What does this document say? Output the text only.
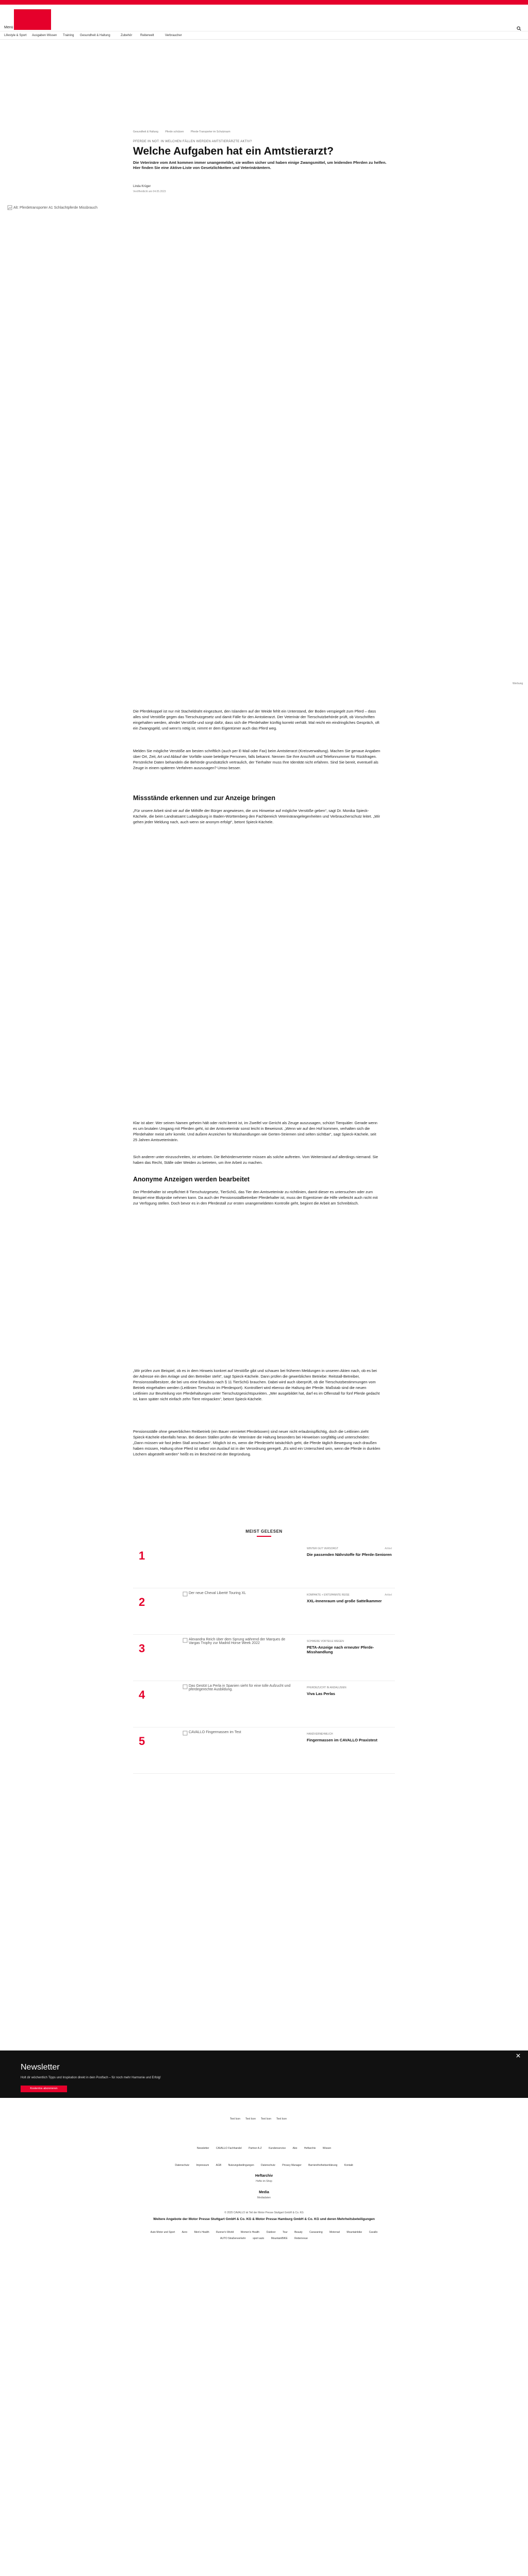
Menü
Lifestyle & Sport Ausgaben Wissen Training Gesundheit & Haltung	Zubehör	Reiterwelt	Verbraucher
Gesundheit & Haltung	Pferde schützen	Pferde-Transporter im Schutzraum
PFERDE IN NOT: IN WELCHEN FÄLLEN WERDEN AMTSTIERÄRZTE AKTIV?
Welche Aufgaben hat ein Amtstierarzt?

Die Veterinäre vom Amt kommen immer unangemeldet, sie wollen sicher und haben einige Zwangsmittel, um leidenden Pferden zu helfen. Hier finden Sie eine Aktive-Liste von Gesetzlichkeiten und Veterinärämtern.

Linda Krüger
Veröffentlicht am 04.05.2023
Alt: Pferdetransporter A1 Schlachtpferde Missbrauch
Werbung

Die Pferdekoppel ist nur mit Stacheldraht eingezäunt, den Islandern auf der Weide fehlt ein Unterstand, der Boden verspiegelt zum Pferd – dass alles sind Verstöße gegen das Tierschutzgesetz und damit Fälle für den Amtstierarzt. Der Veterinär der Tierschutzbehörde prüft, ob Vorschriften eingehalten werden, ahndet Verstöße und sorgt dafür, dass sich die Pferdehalter künftig korrekt verhält. Mal reicht ein eindringliches Gespräch, oft ein Zwangsgeld, und wenn's nötig ist, nimmt er dem Eigentümer auch das Pferd weg.

Melden Sie mögliche Verstöße am besten schriftlich (auch per E-Mail oder Fax) beim Amtstierarzt (Kreisverwaltung). Machen Sie genaue Angaben über Ort, Zeit, Art und Ablauf der Vorfälle sowie beteiligte Personen, falls bekannt. Nennen Sie Ihre Anschrift und Telefonnummer für Rückfragen. Persönliche Daten behandeln die Behörde grundsätzlich vertraulich, der Tierhalter muss Ihre Identität nicht erfahren. Sind Sie bereit, eventuell als Zeuge in einem späteren Verfahren auszusagen? Umso besser.

Missstände erkennen und zur Anzeige bringen

„Für unsere Arbeit sind wir auf die Mithilfe der Bürger angewiesen, die uns Hinweise auf mögliche Verstöße geben“, sagt Dr. Monika Spieck-Kächele, die beim Landratsamt Ludwigsburg in Baden-Württemberg den Fachbereich Veterinärangelegenheiten und Verbraucherschutz leitet. „Wir gehen jeder Meldung nach, auch wenn sie anonym erfolgt“, betont Spieck-Kächele.

Klar ist aber: Wer seinen Namen geheim hält oder nicht bereit ist, im Zweifel vor Gericht als Zeuge auszusagen, schützt Tierquäler. Gerade wenn es um brutalen Umgang mit Pferden geht, ist der Amtsveterinär sonst leicht in Beweisnot. „Wenn wir auf den Hof kommen, verhalten sich die Pferdehalter meist sehr korrekt. Und äußere Anzeichen für Misshandlungen wie Gerten-Striemen sind selten sichtbar“, sagt Spieck-Kächele, seit 25 Jahren Amtsveterinärin.

Sich anderer unter einzuschreiten, ist verboten. Die Behördenvertreter müssen als solche auftreten. Vom Weiterstand auf allerdings niemand. Sie haben das Recht, Ställe oder Weiden zu betreten, um ihre Arbeit zu machen.

Anonyme Anzeigen werden bearbeitet

Der Pferdehalter ist verpflichtet 8 Tierschutzgesetz, TierSchG, das Tier den Amtsveterinär zu richtlinien, damit dieser es untersuchen oder zum Beispiel eine Blutprobe nehmen kann. Da auch der Pensionsstallbetreiber Pferdehalter ist, muss der Eigentümer die Hilfe vielleicht auch nicht mit zur Verfügung stellen. Doch bevor es in den Pferdestall zur ersten unangemeldeten Kontrolle geht, beginnt die Arbeit am Schreibtisch.

„Wir prüfen zum Beispiel, ob es in dem Hinweis konkret auf Verstöße gibt und schauen bei früheren Meldungen in unseren Akten nach, ob es bei der Adresse ein den Anlage und den Betreiber steht“, sagt Spieck-Kächele. Dann prüfen die gewerblichen Betriebe: Reitstall-Betreiber, Pensionsstallbesitzer, die bei uns eine Erlaubnis nach § 11 TierSchG brauchen. Dabei wird auch überprüft, ob die Tierschutzbestimmungen vom Betrieb eingehalten werden (Leitlinien Tierschutz im Pferdesport). Kontrolliert wird ebenso die Haltung der Pferde. Maßstab sind die neuen Leitlinien zur Beurteilung von Pferdehaltungen unter Tierschutzgesichtspunkten. „Wer ausgebildet hat, darf es im Offenstall für fünf Pferde gedacht ist, kann später nicht einfach zehn Tiere reinpacken“, betont Spieck-Kächele.

Pensionsställe ohne gewerblichen Reitbetrieb (ein Bauer vermietet Pferdeboxen) sind neuer nicht erlaubnispflichtig, doch die Leitlinien zieht Spieck-Kächele ebenfalls heran. Bei diesen Ställen prüfen die Veterinäre die Haltung besonders bei Hinweisen sorgfältig und unterscheiden: „Dann müssen wir fast jeden Stall anschauen“. Möglich ist es, wenn die Pferdesteht tatsächlich geht, die Pferde täglich Bewegung nach draußen haben müssen, Haltung ohne Pferd ist selbst von Auslauf ist in der Verordnung geregelt. „Es wird ein Unterschied sein, wenn die Pferde in dunklen Löchern abgestellt werden“ heißt es im Bescheid mit der Begründung.

MEIST GELESEN
1
WINTER GUT VERSORGT	Artikel
Die passenden Nährstoffe für Pferde-Senioren
2
Der neue Cheval Liberté Touring XL	KOMPAKTE + ENTSPANNTE REISE	Artikel
XXL-Innenraum und große Sattelkammer
3
Alexandra Reich über dem Sprung während der Marques de Vargas Trophy zur Madrid Horse Week 2022	SCHWERE VORTEILE WEGEN
PETA-Anzeige nach erneuter Pferde-Misshandlung
4
Das Gestüt La Perla in Spanien sieht für eine tolle Aufzucht und pferdegerechte Ausbildung.	PFERDEZUCHT IN ANDALUSIEN
Viva Las Perlas
5
CAVALLO Fingermassen im Test	HANDVERNEHMLICH
Fingermassen im CAVALLO Praxistest
Newsletter
Holt dir wöchentlich Tipps und Inspiration direkt in dein Postfach – für noch mehr Harmonie und Erfolg!
Kostenlos abonnieren
Text Icon	Text Icon	Text Icon	Text Icon
Newsletter	CAVALLO Fachhandel	Partner A-Z	Kundenservice	Abo	Heftarchiv	Wissen
Datenschutz	Impressum	AGB	Nutzungsbedingungen	Datenschutz	Privacy Manager	Barrierefreiheitserklärung	Kontakt
Heftarchiv
Hefte im Shop
Media
Mediadaten
© 2025 CAVALLO ist Teil der Motor Presse Stuttgart GmbH & Co. KG
Weitere Angebote der Motor Presse Stuttgart GmbH & Co. KG & Motor Presse Hamburg GmbH & Co. KG und deren Mehrheitsbeteiligungen
Auto Motor und Sport	Aero	Men's Health	Runner's World	Women's Health	Outdoor	Tour	Beauty	Caravaning	Motorrad	Mountainbike	Cavallo
AUTO Straßenverkehr	sport auto	MountainBIKE	Reiterrevue
